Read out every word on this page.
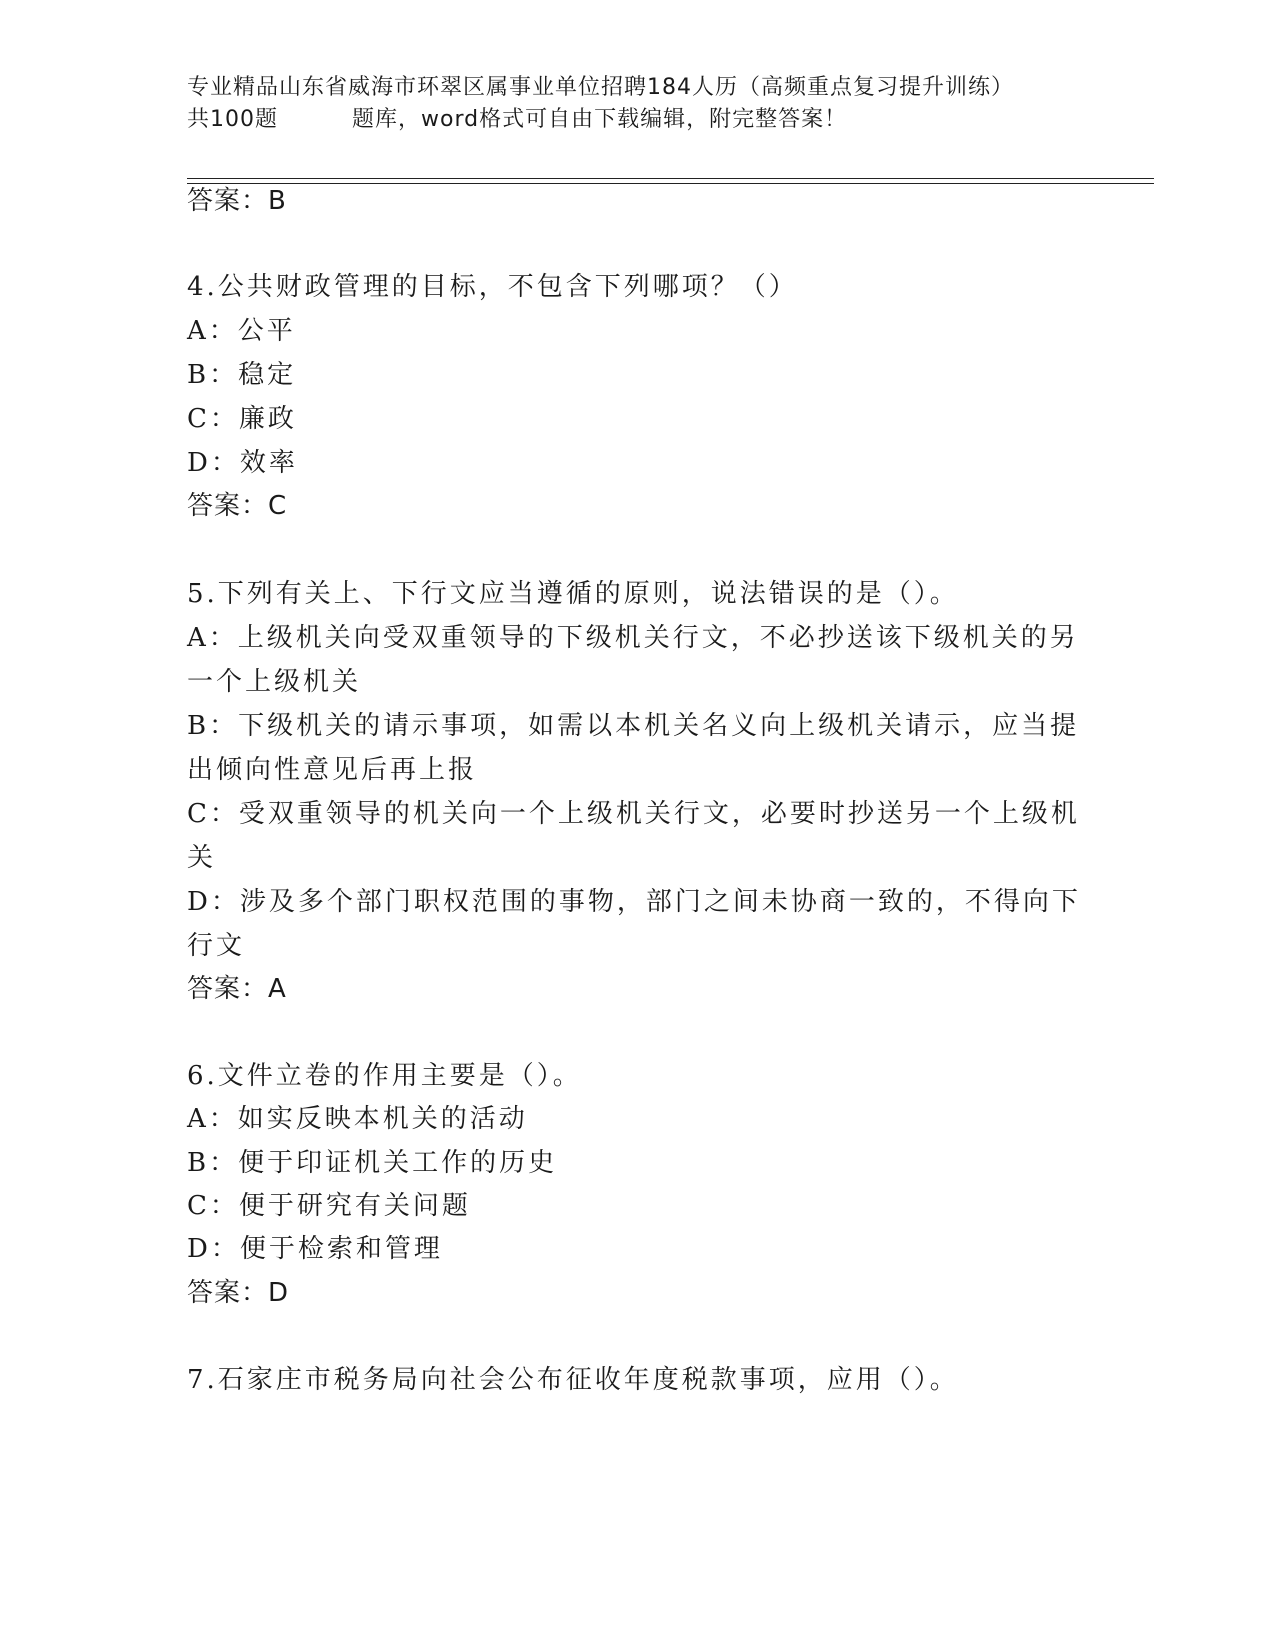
专业精品山东省威海市环翠区属事业单位招聘184人历（高频重点复习提升训练）
共100题	题库，word格式可自由下载编辑，附完整答案！
答案：B
4.公共财政管理的目标，不包含下列哪项？（）
A：公平
B：稳定
C：廉政
D：效率
答案：C
5.下列有关上、下行文应当遵循的原则，说法错误的是（）。
A：上级机关向受双重领导的下级机关行文，不必抄送该下级机关的另
一个上级机关
B：下级机关的请示事项，如需以本机关名义向上级机关请示，应当提
出倾向性意见后再上报
C：受双重领导的机关向一个上级机关行文，必要时抄送另一个上级机
关
D：涉及多个部门职权范围的事物，部门之间未协商一致的，不得向下
行文
答案：A
6.文件立卷的作用主要是（）。
A：如实反映本机关的活动
B：便于印证机关工作的历史
C：便于研究有关问题
D：便于检索和管理
答案：D
7.石家庄市税务局向社会公布征收年度税款事项，应用（）。
